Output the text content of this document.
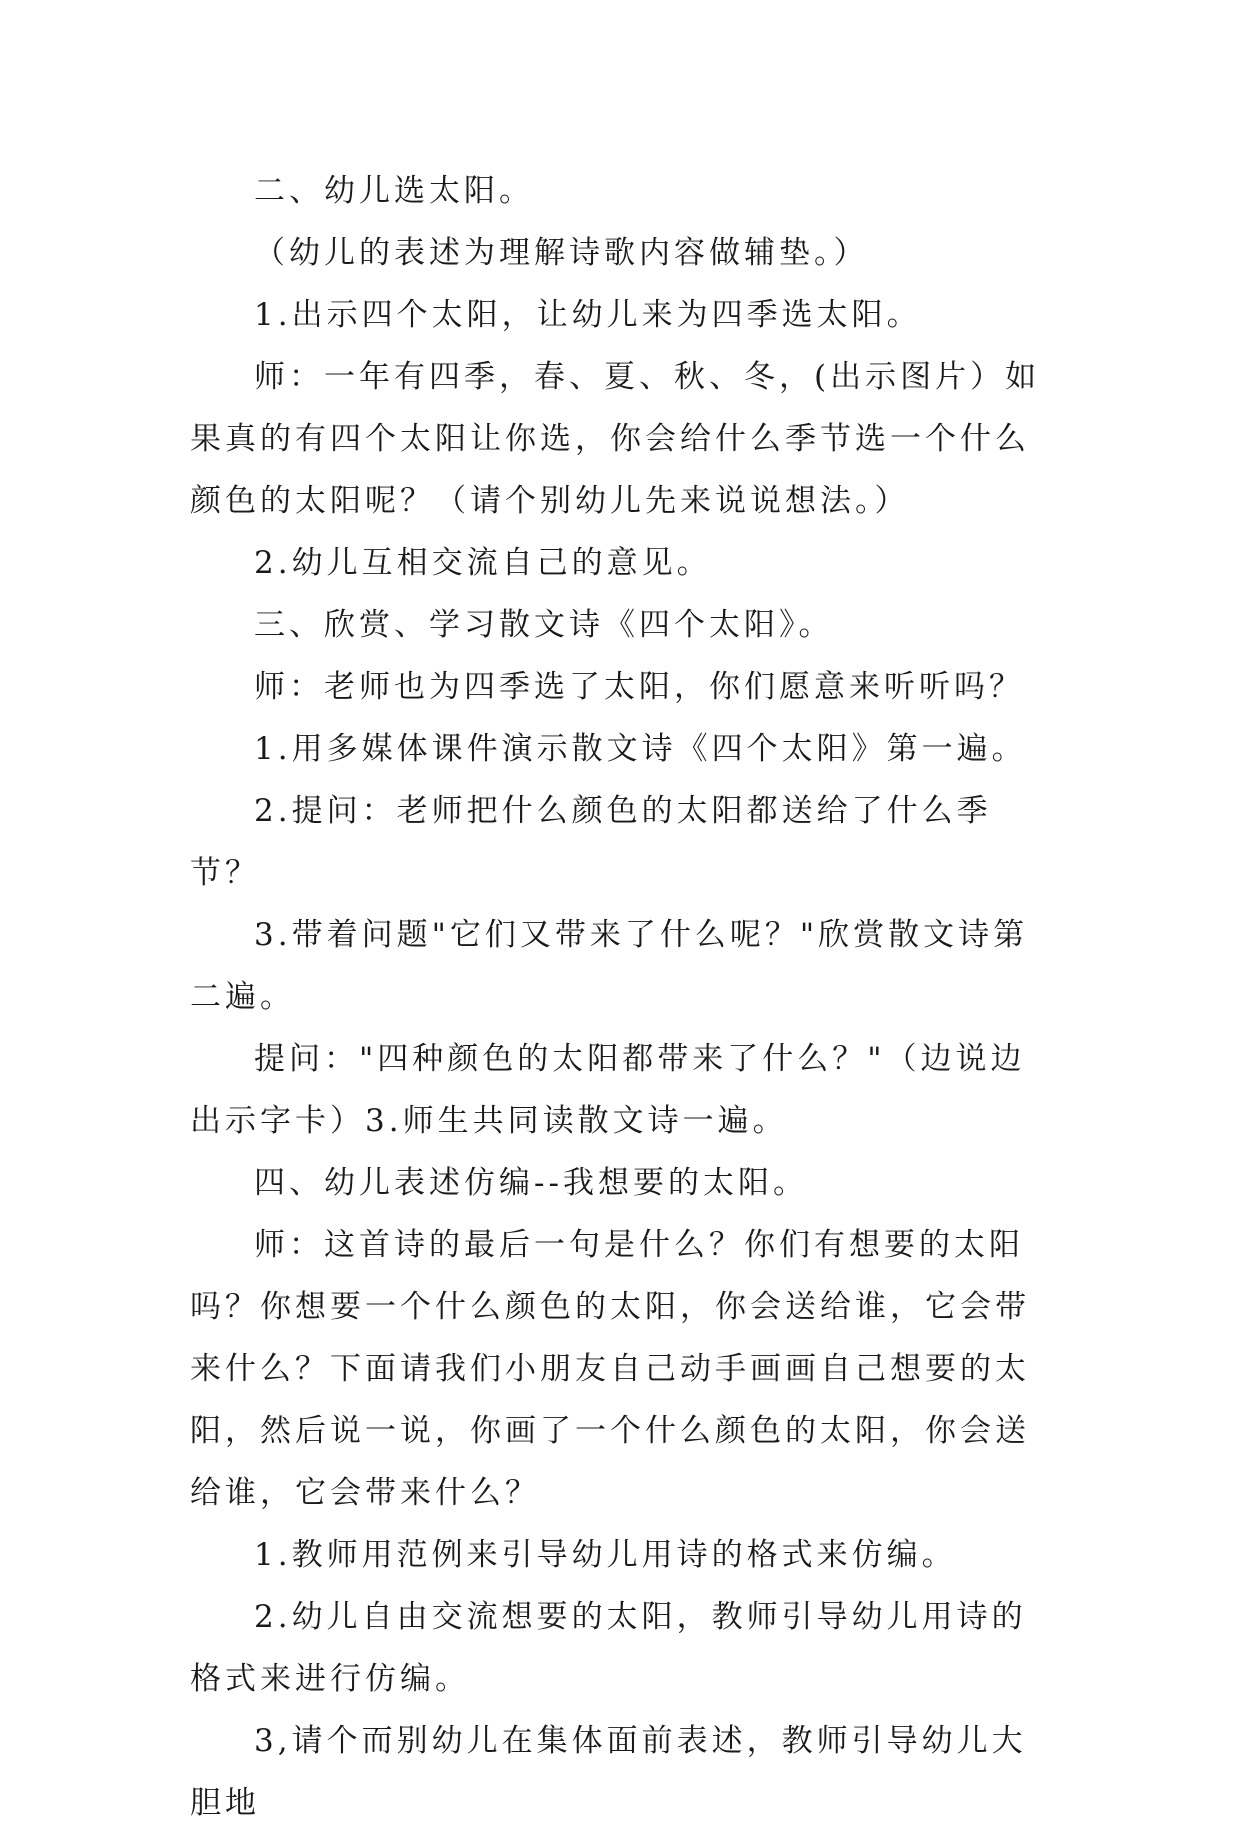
二、幼儿选太阳。

（幼儿的表述为理解诗歌内容做辅垫。）

1.出示四个太阳，让幼儿来为四季选太阳。

师：一年有四季，春、夏、秋、冬，(出示图片）如果真的有四个太阳让你选，你会给什么季节选一个什么颜色的太阳呢？（请个别幼儿先来说说想法。）

2.幼儿互相交流自己的意见。

三、欣赏、学习散文诗《四个太阳》。

师：老师也为四季选了太阳，你们愿意来听听吗？

1.用多媒体课件演示散文诗《四个太阳》第一遍。

2.提问：老师把什么颜色的太阳都送给了什么季节？

3.带着问题"它们又带来了什么呢？"欣赏散文诗第二遍。

提问："四种颜色的太阳都带来了什么？"（边说边出示字卡）3.师生共同读散文诗一遍。

四、幼儿表述仿编--我想要的太阳。

师：这首诗的最后一句是什么？你们有想要的太阳吗？你想要一个什么颜色的太阳，你会送给谁，它会带来什么？下面请我们小朋友自己动手画画自己想要的太阳，然后说一说，你画了一个什么颜色的太阳，你会送给谁，它会带来什么？

1.教师用范例来引导幼儿用诗的格式来仿编。

2.幼儿自由交流想要的太阳，教师引导幼儿用诗的格式来进行仿编。

3,请个而别幼儿在集体面前表述，教师引导幼儿大胆地
